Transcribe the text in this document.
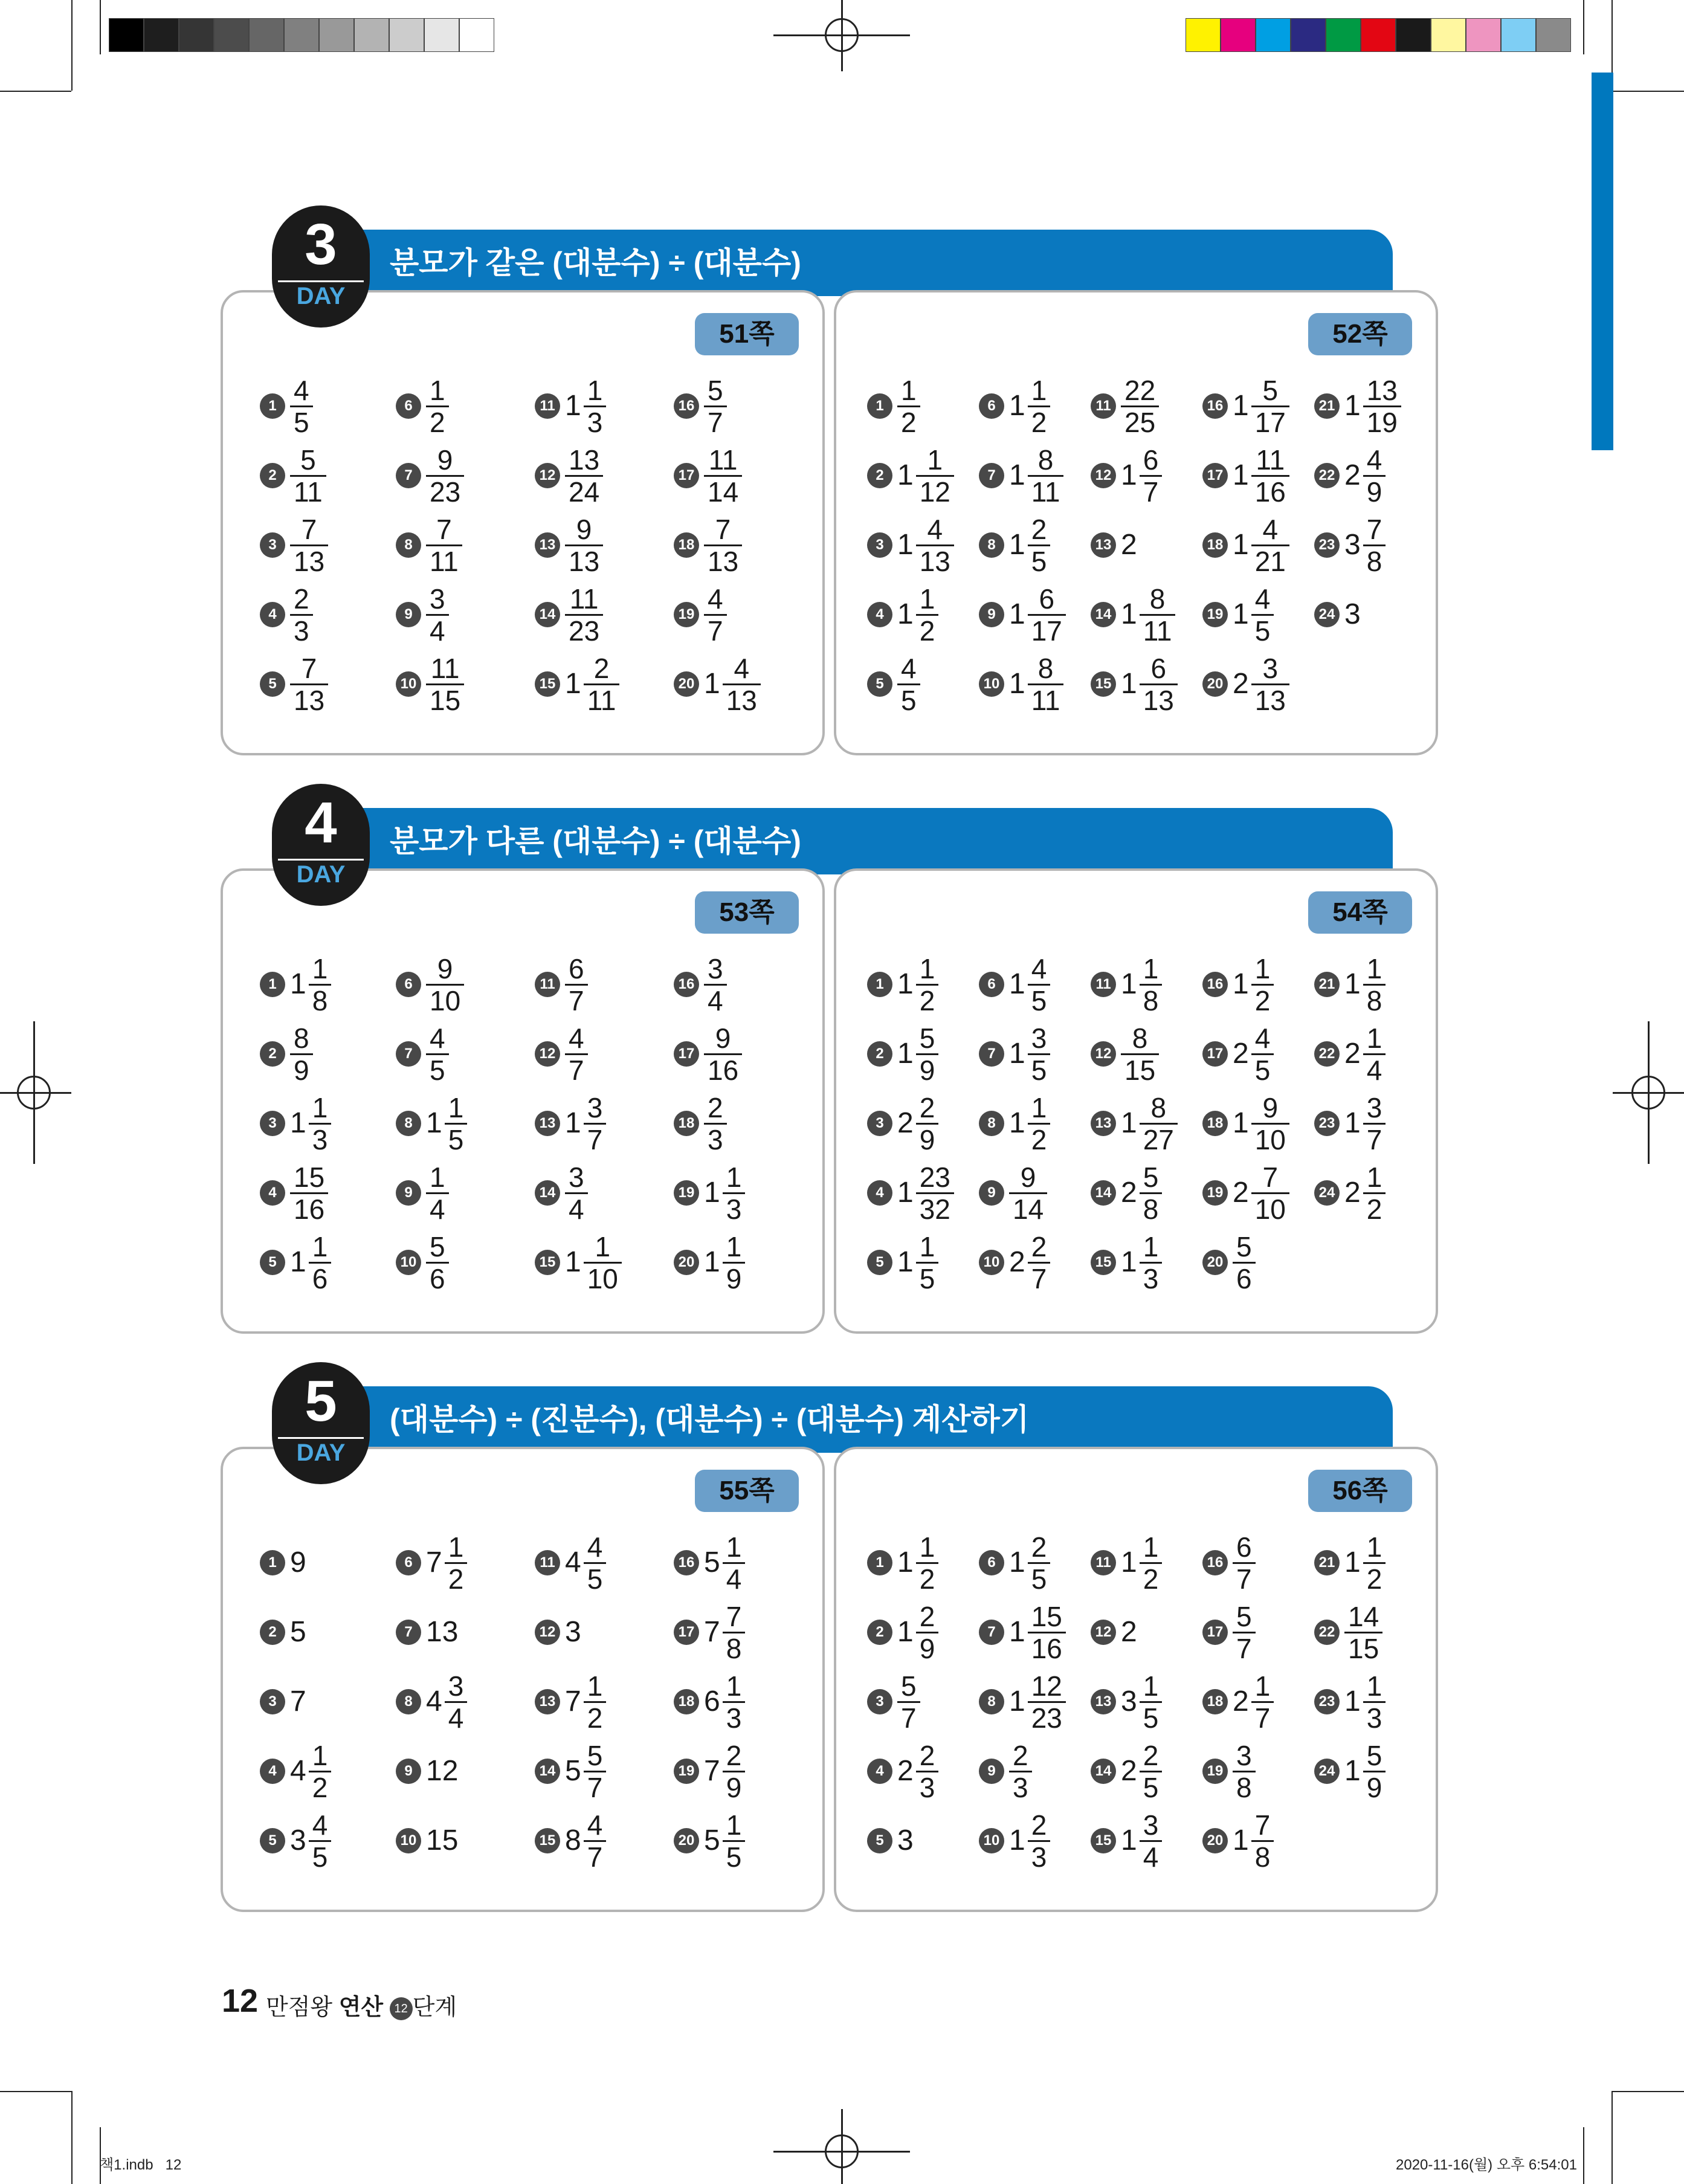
분모가 같은 (대분수) ÷ (대분수)
51쪽
$1 \frac{4}{5}$
$2 \frac{5}{11}$
$3 \frac{7}{13}$
$4 \frac{2}{3}$
$5 \frac{7}{13}$
$6 \frac{1}{2}$
$7 \frac{9}{23}$
$8 \frac{7}{11}$
$9 \frac{3}{4}$
$10 \frac{11}{15}$
11 $1 \frac{1}{3}$
$12 \frac{13}{24}$
$13 \frac{9}{13}$
$14 \frac{11}{23}$
15 $1 \frac{2}{11}$
$16 \frac{5}{7}$
$17 \frac{11}{14}$
$18 \frac{7}{13}$
$19 \frac{4}{7}$
20 $1 \frac{4}{13}$
52쪽
$1 \frac{1}{2}$
2 $1 \frac{1}{12}$
3 $1 \frac{4}{13}$
4 $1 \frac{1}{2}$
$5 \frac{4}{5}$
6 $1 \frac{1}{2}$
7 $1 \frac{8}{11}$
8 $1 \frac{2}{5}$
9 $1 \frac{6}{17}$
10 $1 \frac{8}{11}$
$11 \frac{22}{25}$
12 $1 \frac{6}{7}$
13 2
14 $1 \frac{8}{11}$
15 $1 \frac{6}{13}$
16 $1 \frac{5}{17}$
17 $1 \frac{11}{16}$
18 $1 \frac{4}{21}$
19 $1 \frac{4}{5}$
20 $2 \frac{3}{13}$
21 $1 \frac{13}{19}$
22 $2 \frac{4}{9}$
23 $3 \frac{7}{8}$
24 3
3
DAY
분모가 다른 (대분수) ÷ (대분수)
53쪽
1 $1 \frac{1}{8}$
$2 \frac{8}{9}$
3 $1 \frac{1}{3}$
$4 \frac{15}{16}$
5 $1 \frac{1}{6}$
$6 \frac{9}{10}$
$7 \frac{4}{5}$
8 $1 \frac{1}{5}$
$9 \frac{1}{4}$
$10 \frac{5}{6}$
$11 \frac{6}{7}$
$12 \frac{4}{7}$
13 $1 \frac{3}{7}$
$14 \frac{3}{4}$
15 $1 \frac{1}{10}$
$16 \frac{3}{4}$
$17 \frac{9}{16}$
$18 \frac{2}{3}$
19 $1 \frac{1}{3}$
20 $1 \frac{1}{9}$
54쪽
1 $1 \frac{1}{2}$
2 $1 \frac{5}{9}$
3 $2 \frac{2}{9}$
4 $1 \frac{23}{32}$
5 $1 \frac{1}{5}$
6 $1 \frac{4}{5}$
7 $1 \frac{3}{5}$
8 $1 \frac{1}{2}$
$9 \frac{9}{14}$
10 $2 \frac{2}{7}$
11 $1 \frac{1}{8}$
$12 \frac{8}{15}$
13 $1 \frac{8}{27}$
14 $2 \frac{5}{8}$
15 $1 \frac{1}{3}$
16 $1 \frac{1}{2}$
17 $2 \frac{4}{5}$
18 $1 \frac{9}{10}$
19 $2 \frac{7}{10}$
$20 \frac{5}{6}$
21 $1 \frac{1}{8}$
22 $2 \frac{1}{4}$
23 $1 \frac{3}{7}$
24 $2 \frac{1}{2}$
4
DAY
(대분수) ÷ (진분수), (대분수) ÷ (대분수) 계산하기
55쪽
1 9
2 5
3 7
4 $4 \frac{1}{2}$
5 $3 \frac{4}{5}$
6 $7 \frac{1}{2}$
7 13
8 $4 \frac{3}{4}$
9 12
10 15
11 $4 \frac{4}{5}$
12 3
13 $7 \frac{1}{2}$
14 $5 \frac{5}{7}$
15 $8 \frac{4}{7}$
16 $5 \frac{1}{4}$
17 $7 \frac{7}{8}$
18 $6 \frac{1}{3}$
19 $7 \frac{2}{9}$
20 $5 \frac{1}{5}$
56쪽
1 $1 \frac{1}{2}$
2 $1 \frac{2}{9}$
$3 \frac{5}{7}$
4 $2 \frac{2}{3}$
5 3
6 $1 \frac{2}{5}$
7 $1 \frac{15}{16}$
8 $1 \frac{12}{23}$
$9 \frac{2}{3}$
10 $1 \frac{2}{3}$
11 $1 \frac{1}{2}$
12 2
13 $3 \frac{1}{5}$
14 $2 \frac{2}{5}$
15 $1 \frac{3}{4}$
$16 \frac{6}{7}$
$17 \frac{5}{7}$
18 $2 \frac{1}{7}$
$19 \frac{3}{8}$
20 $1 \frac{7}{8}$
21 $1 \frac{1}{2}$
$22 \frac{14}{15}$
23 $1 \frac{1}{3}$
24 $1 \frac{5}{9}$
5
DAY
12 만점왕 연산 12 단계
책1.indb 12	2020-11-16(월) 오후 6:54:01
